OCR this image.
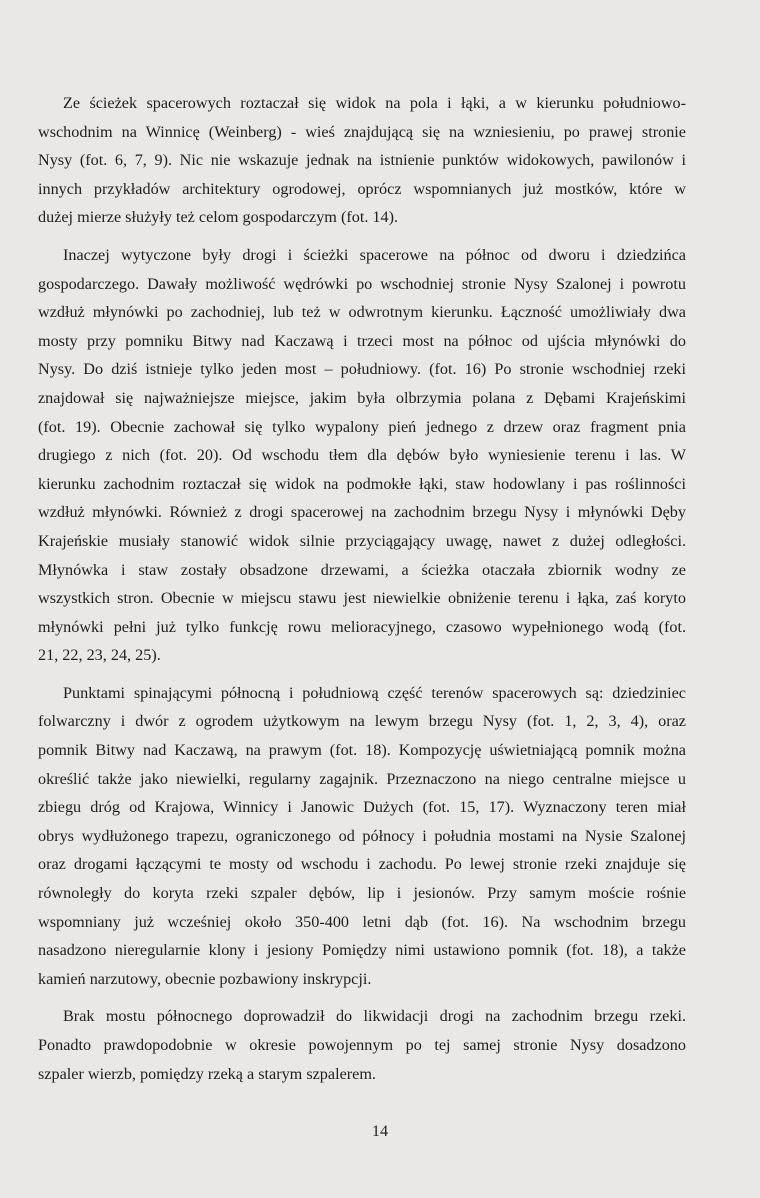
Ze ścieżek spacerowych roztaczał się widok na pola i łąki, a w kierunku południowo-
wschodnim na Winnicę (Weinberg) - wieś znajdującą się na wzniesieniu, po prawej stronie
Nysy (fot. 6, 7, 9). Nic nie wskazuje jednak na istnienie punktów widokowych, pawilonów i
innych przykładów architektury ogrodowej, oprócz wspomnianych już mostków, które w
dużej mierze służyły też celom gospodarczym (fot. 14).
Inaczej wytyczone były drogi i ścieżki spacerowe na północ od dworu i dziedzińca
gospodarczego. Dawały możliwość wędrówki po wschodniej stronie Nysy Szalonej i powrotu
wzdłuż młynówki po zachodniej, lub też w odwrotnym kierunku. Łączność umożliwiały dwa
mosty przy pomniku Bitwy nad Kaczawą i trzeci most na północ od ujścia młynówki do
Nysy. Do dziś istnieje tylko jeden most – południowy. (fot. 16) Po stronie wschodniej rzeki
znajdował się najważniejsze miejsce, jakim była olbrzymia polana z Dębami Krajeńskimi
(fot. 19). Obecnie zachował się tylko wypalony pień jednego z drzew oraz fragment pnia
drugiego z nich (fot. 20). Od wschodu tłem dla dębów było wyniesienie terenu i las. W
kierunku zachodnim roztaczał się widok na podmokłe łąki, staw hodowlany i pas roślinności
wzdłuż młynówki. Również z drogi spacerowej na zachodnim brzegu Nysy i młynówki Dęby
Krajeńskie musiały stanowić widok silnie przyciągający uwagę, nawet z dużej odległości.
Młynówka i staw zostały obsadzone drzewami, a ścieżka otaczała zbiornik wodny ze
wszystkich stron. Obecnie w miejscu stawu jest niewielkie obniżenie terenu i łąka, zaś koryto
młynówki pełni już tylko funkcję rowu melioracyjnego, czasowo wypełnionego wodą (fot.
21, 22, 23, 24, 25).
Punktami spinającymi północną i południową część terenów spacerowych są: dziedziniec
folwarczny i dwór z ogrodem użytkowym na lewym brzegu Nysy (fot. 1, 2, 3, 4), oraz
pomnik Bitwy nad Kaczawą, na prawym (fot. 18). Kompozycję uświetniającą pomnik można
określić także jako niewielki, regularny zagajnik. Przeznaczono na niego centralne miejsce u
zbiegu dróg od Krajowa, Winnicy i Janowic Dużych (fot. 15, 17). Wyznaczony teren miał
obrys wydłużonego trapezu, ograniczonego od północy i południa mostami na Nysie Szalonej
oraz drogami łączącymi te mosty od wschodu i zachodu. Po lewej stronie rzeki znajduje się
równoległy do koryta rzeki szpaler dębów, lip i jesionów. Przy samym moście rośnie
wspomniany już wcześniej około 350-400 letni dąb (fot. 16). Na wschodnim brzegu
nasadzono nieregularnie klony i jesiony Pomiędzy nimi ustawiono pomnik (fot. 18), a także
kamień narzutowy, obecnie pozbawiony inskrypcji.
Brak mostu północnego doprowadził do likwidacji drogi na zachodnim brzegu rzeki.
Ponadto prawdopodobnie w okresie powojennym po tej samej stronie Nysy dosadzono
szpaler wierzb, pomiędzy rzeką a starym szpalerem.
14
